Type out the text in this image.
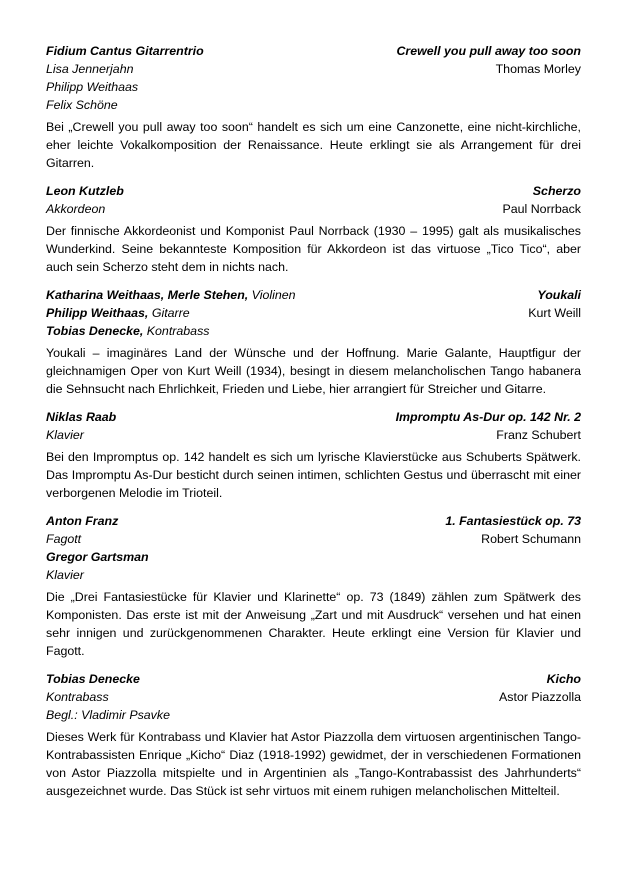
Fidium Cantus Gitarrentrio
Lisa Jennerjahn
Philipp Weithaas
Felix Schöne
Crewell you pull away too soon
Thomas Morley

Bei „Crewell you pull away too soon“ handelt es sich um eine Canzonette, eine nicht-kirchliche, eher leichte Vokalkomposition der Renaissance. Heute erklingt sie als Arrangement für drei Gitarren.

Leon Kutzleb
Akkordeon
Scherzo
Paul Norrback

Der finnische Akkordeonist und Komponist Paul Norrback (1930 – 1995) galt als musikalisches Wunderkind. Seine bekannteste Komposition für Akkordeon ist das virtuose „Tico Tico“, aber auch sein Scherzo steht dem in nichts nach.

Katharina Weithaas, Merle Stehen, Violinen
Philipp Weithaas, Gitarre
Tobias Denecke, Kontrabass
Youkali
Kurt Weill

Youkali – imaginäres Land der Wünsche und der Hoffnung. Marie Galante, Hauptfigur der gleichnamigen Oper von Kurt Weill (1934), besingt in diesem melancholischen Tango habanera die Sehnsucht nach Ehrlichkeit, Frieden und Liebe, hier arrangiert für Streicher und Gitarre.

Niklas Raab
Klavier
Impromptu As-Dur op. 142 Nr. 2
Franz Schubert

Bei den Impromptus op. 142 handelt es sich um lyrische Klavierstücke aus Schuberts Spätwerk. Das Impromptu As-Dur besticht durch seinen intimen, schlichten Gestus und überrascht mit einer verborgenen Melodie im Trioteil.

Anton Franz
Fagott
Gregor Gartsman
Klavier
1. Fantasiestück op. 73
Robert Schumann

Die „Drei Fantasiestücke für Klavier und Klarinette“ op. 73 (1849) zählen zum Spätwerk des Komponisten. Das erste ist mit der Anweisung „Zart und mit Ausdruck“ versehen und hat einen sehr innigen und zurückgenommenen Charakter. Heute erklingt eine Version für Klavier und Fagott.

Tobias Denecke
Kontrabass
Begl.: Vladimir Psavke
Kicho
Astor Piazzolla

Dieses Werk für Kontrabass und Klavier hat Astor Piazzolla dem virtuosen argentinischen Tango-Kontrabassisten Enrique „Kicho“ Diaz (1918-1992) gewidmet, der in verschiedenen Formationen von Astor Piazzolla mitspielte und in Argentinien als „Tango-Kontrabassist des Jahrhunderts“ ausgezeichnet wurde. Das Stück ist sehr virtuos mit einem ruhigen melancholischen Mittelteil.
